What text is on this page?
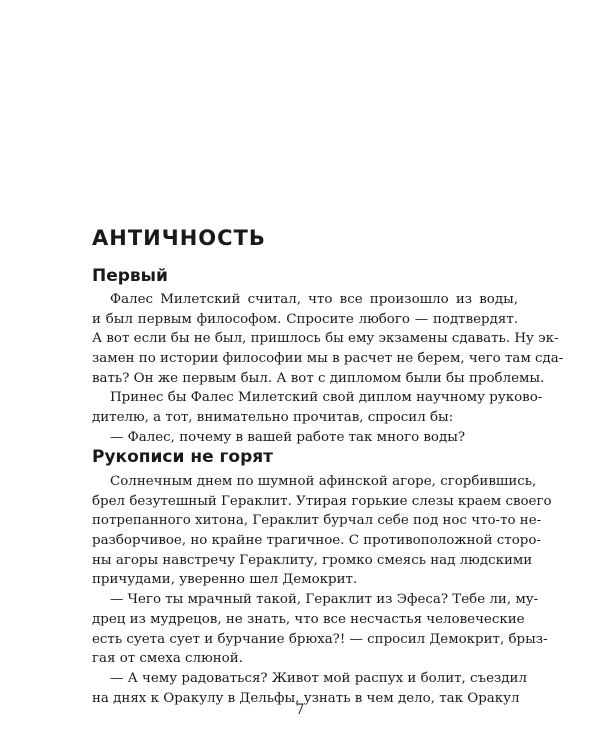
АНТИЧНОСТЬ
Первый
Фалес Милетский считал, что все произошло из воды,
и был первым философом. Спросите любого — подтвердят.
А вот если бы не был, пришлось бы ему экзамены сдавать. Ну эк-
замен по истории философии мы в расчет не берем, чего там сда-
вать? Он же первым был. А вот с дипломом были бы проблемы.
Принес бы Фалес Милетский свой диплом научному руково-
дителю, а тот, внимательно прочитав, спросил бы:
— Фалес, почему в вашей работе так много воды?
Рукописи не горят
Солнечным днем по шумной афинской агоре, сгорбившись,
брел безутешный Гераклит. Утирая горькие слезы краем своего
потрепанного хитона, Гераклит бурчал себе под нос что-то не-
разборчивое, но крайне трагичное. С противоположной сторо-
ны агоры навстречу Гераклиту, громко смеясь над людскими
причудами, уверенно шел Демокрит.
— Чего ты мрачный такой, Гераклит из Эфеса? Тебе ли, му-
дрец из мудрецов, не знать, что все несчастья человеческие
есть суета сует и бурчание брюха?! — спросил Демокрит, брыз-
гая от смеха слюной.
— А чему радоваться? Живот мой распух и болит, съездил
на днях к Оракулу в Дельфы, узнать в чем дело, так Оракул
7
